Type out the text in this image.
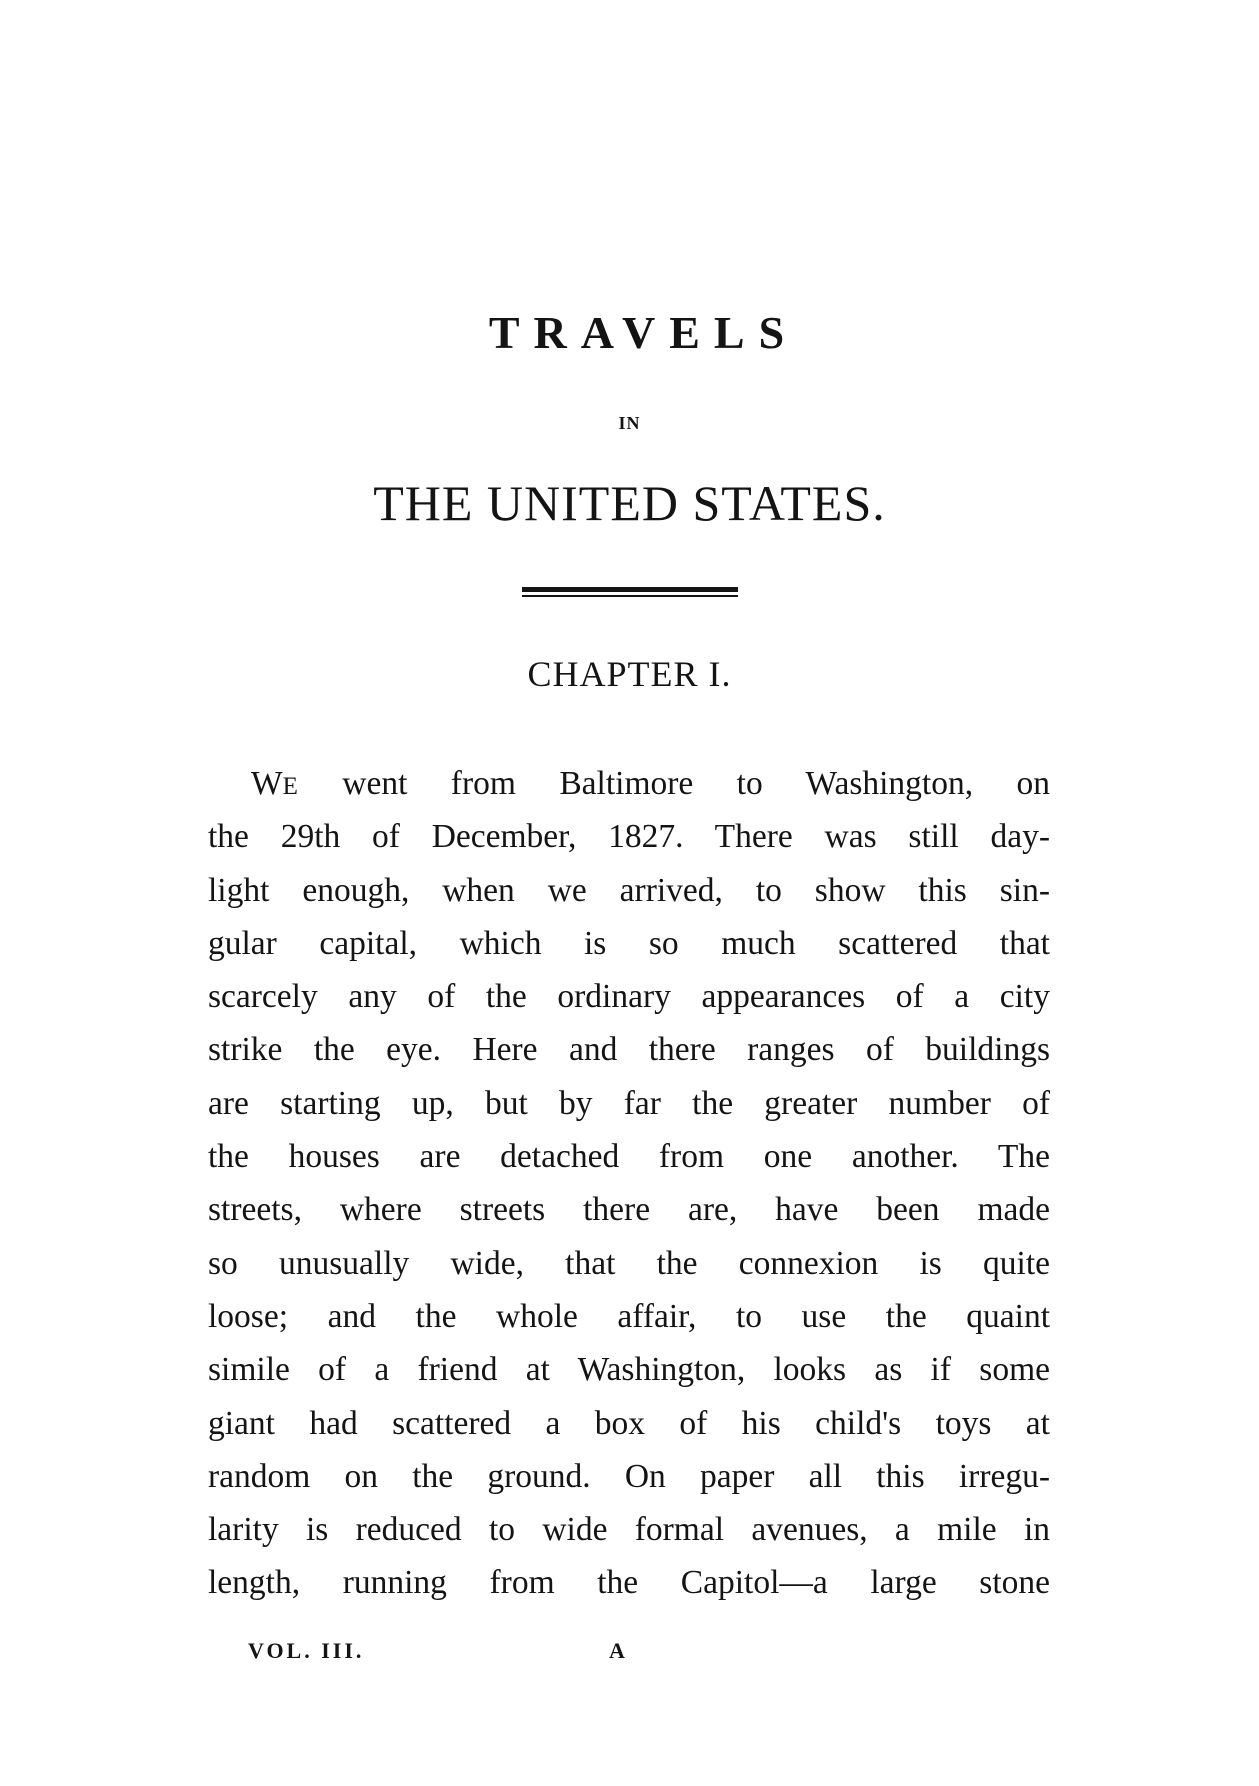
TRAVELS
IN
THE UNITED STATES.
CHAPTER I.
WE went from Baltimore to Washington, on
the 29th of December, 1827. There was still day-
light enough, when we arrived, to show this sin-
gular capital, which is so much scattered that
scarcely any of the ordinary appearances of a city
strike the eye. Here and there ranges of buildings
are starting up, but by far the greater number of
the houses are detached from one another. The
streets, where streets there are, have been made
so unusually wide, that the connexion is quite
loose; and the whole affair, to use the quaint
simile of a friend at Washington, looks as if some
giant had scattered a box of his child's toys at
random on the ground. On paper all this irregu-
larity is reduced to wide formal avenues, a mile in
length, running from the Capitol—a large stone
VOL. III.	A
